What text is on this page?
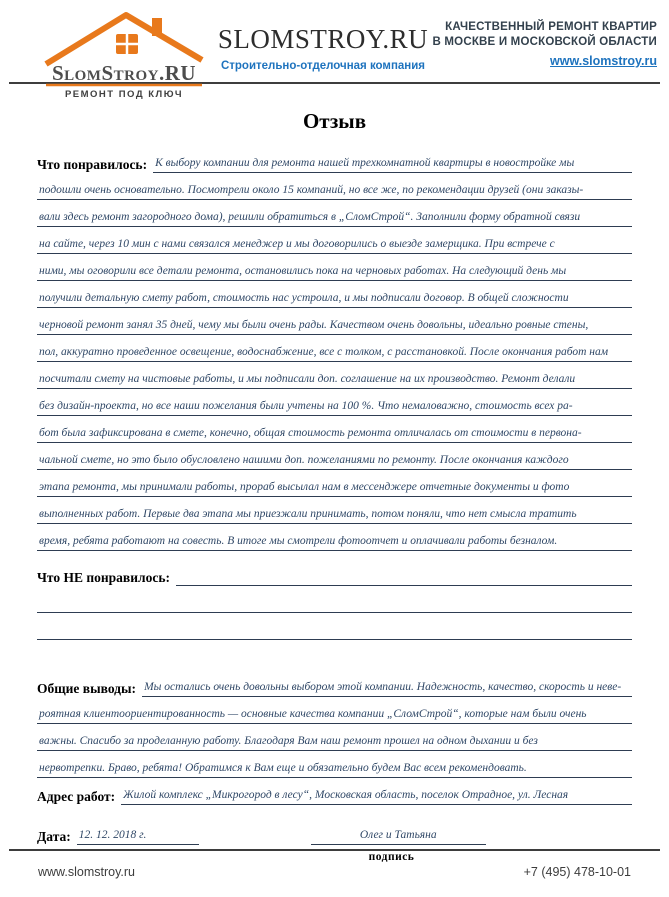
SlomStroy.RU
РЕМОНТ ПОД КЛЮЧ
SLOMSTROY.RU
Строительно-отделочная компания
КАЧЕСТВЕННЫЙ РЕМОНТ КВАРТИР
В МОСКВЕ И МОСКОВСКОЙ ОБЛАСТИ
www.slomstroy.ru
Отзыв
Что понравилось: К выбору компании для ремонта нашей трехкомнатной квартиры в новостройке мы
подошли очень основательно. Посмотрели около 15 компаний, но все же, по рекомендации друзей (они заказы-
вали здесь ремонт загородного дома), решили обратиться в „СломСтрой“. Заполнили форму обратной связи
на сайте, через 10 мин с нами связался менеджер и мы договорились о выезде замерщика. При встрече с
ними, мы оговорили все детали ремонта, остановились пока на черновых работах. На следующий день мы
получили детальную смету работ, стоимость нас устроила, и мы подписали договор. В общей сложности
черновой ремонт занял 35 дней, чему мы были очень рады. Качеством очень довольны, идеально ровные стены,
пол, аккуратно проведенное освещение, водоснабжение, все с толком, с расстановкой. После окончания работ нам
посчитали смету на чистовые работы, и мы подписали доп. соглашение на их производство. Ремонт делали
без дизайн-проекта, но все наши пожелания были учтены на 100 %. Что немаловажно, стоимость всех ра-
бот была зафиксирована в смете, конечно, общая стоимость ремонта отличалась от стоимости в первона-
чальной смете, но это было обусловлено нашими доп. пожеланиями по ремонту. После окончания каждого
этапа ремонта, мы принимали работы, прораб высылал нам в мессенджере отчетные документы и фото
выполненных работ. Первые два этапа мы приезжали принимать, потом поняли, что нет смысла тратить
время, ребята работают на совесть. В итоге мы смотрели фотоотчет и оплачивали работы безналом.
Что НЕ понравилось:
Общие выводы: Мы остались очень довольны выбором этой компании. Надежность, качество, скорость и неве-
роятная клиентоориентированность — основные качества компании „СломСтрой“, которые нам были очень
важны. Спасибо за проделанную работу. Благодаря Вам наш ремонт прошел на одном дыхании и без
нервотрепки. Браво, ребята! Обратимся к Вам еще и обязательно будем Вас всем рекомендовать.
Адрес работ: Жилой комплекс „Микрогород в лесу“, Московская область, поселок Отрадное, ул. Лесная
Дата: 12. 12. 2018 г.	Олег и Татьяна
подпись
www.slomstroy.ru	+7 (495) 478-10-01
